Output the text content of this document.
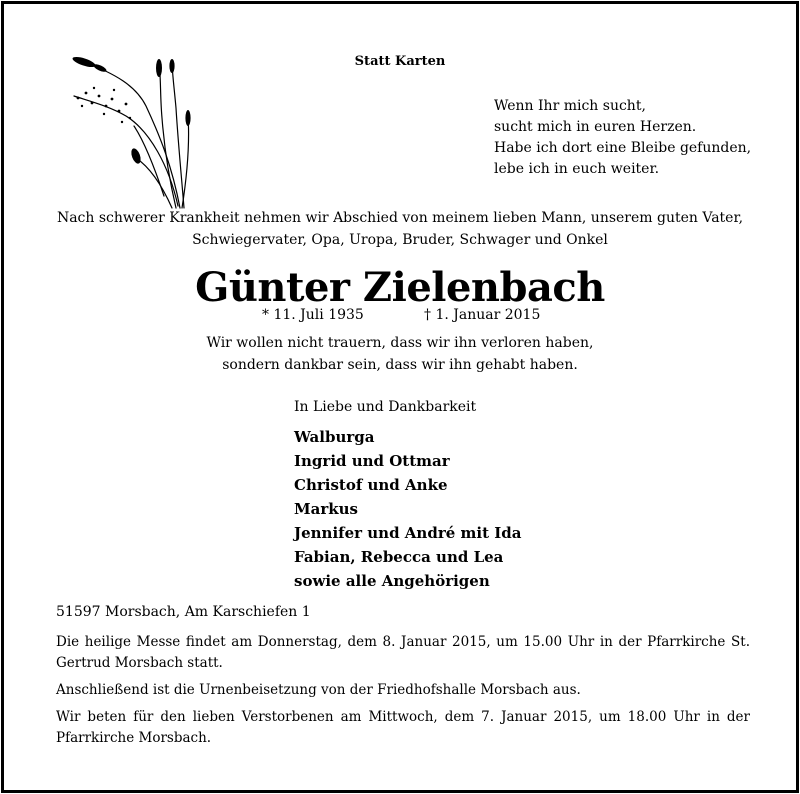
Statt Karten

Wenn Ihr mich sucht,

sucht mich in euren Herzen.

Habe ich dort eine Bleibe gefunden,

lebe ich in euch weiter.

Nach schwerer Krankheit nehmen wir Abschied von meinem lieben Mann, unserem guten Vater,

Schwiegervater, Opa, Uropa, Bruder, Schwager und Onkel

Günter Zielenbach
* 11. Juli 1935	† 1. Januar 2015

Wir wollen nicht trauern, dass wir ihn verloren haben,

sondern dankbar sein, dass wir ihn gehabt haben.

In Liebe und Dankbarkeit

Walburga

Ingrid und Ottmar

Christof und Anke

Markus

Jennifer und André mit Ida

Fabian, Rebecca und Lea

sowie alle Angehörigen

51597 Morsbach, Am Karschiefen 1
Die heilige Messe findet am Donnerstag, dem 8. Januar 2015, um 15.00 Uhr in der Pfarrkirche St. Gertrud Morsbach statt.
Anschließend ist die Urnenbeisetzung von der Friedhofshalle Morsbach aus.
Wir beten für den lieben Verstorbenen am Mittwoch, dem 7. Januar 2015, um 18.00 Uhr in der Pfarrkirche Morsbach.
